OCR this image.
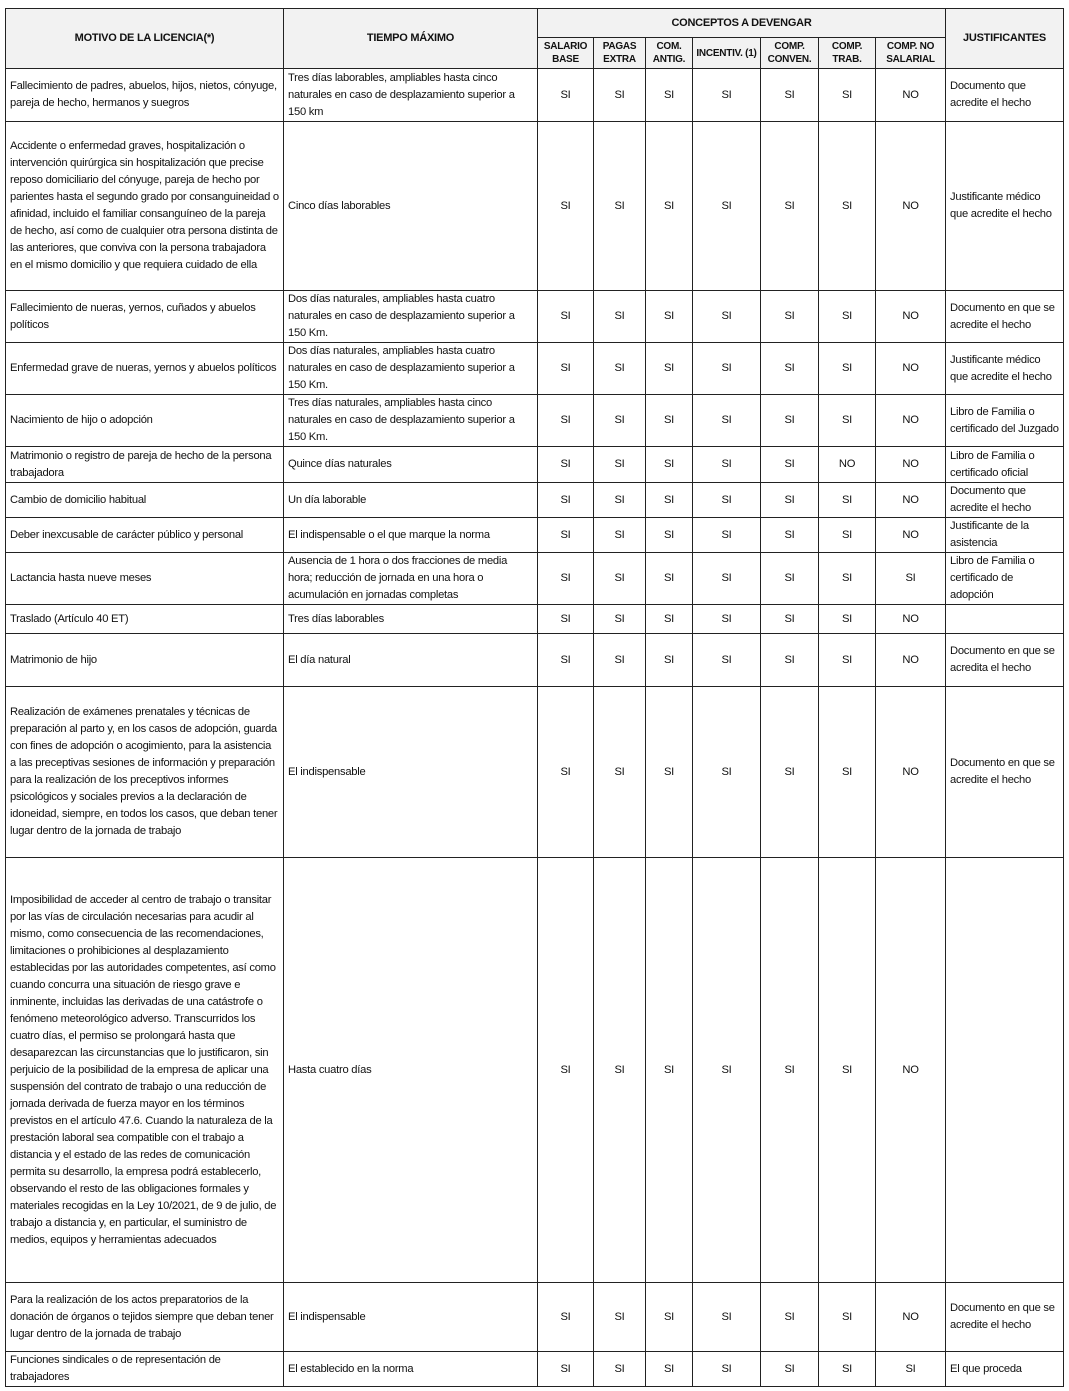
MOTIVO DE LA LICENCIA(*)	TIEMPO MÁXIMO	CONCEPTOS A DEVENGAR							JUSTIFICANTES
		SALARIO BASE	PAGAS EXTRA	COM. ANTIG.	INCENTIV. (1)	COMP. CONVEN.	COMP. TRAB.	COMP. NO SALARIAL	
Fallecimiento de padres, abuelos, hijos, nietos, cónyuge, pareja de hecho, hermanos y suegros	Tres días laborables, ampliables hasta cinco naturales en caso de desplazamiento superior a 150 km	SI	SI	SI	SI	SI	SI	NO	Documento que acredite el hecho
Accidente o enfermedad graves, hospitalización o intervención quirúrgica sin hospitalización que precise reposo domiciliario del cónyuge, pareja de hecho por parientes hasta el segundo grado por consanguineidad o afinidad, incluido el familiar consanguíneo de la pareja de hecho, así como de cualquier otra persona distinta de las anteriores, que conviva con la persona trabajadora en el mismo domicilio y que requiera cuidado de ella	Cinco días laborables	SI	SI	SI	SI	SI	SI	NO	Justificante médico que acredite el hecho
Fallecimiento de nueras, yernos, cuñados y abuelos políticos	Dos días naturales, ampliables hasta cuatro naturales en caso de desplazamiento superior a 150 Km.	SI	SI	SI	SI	SI	SI	NO	Documento en que se acredite el hecho
Enfermedad grave de nueras, yernos y abuelos políticos	Dos días naturales, ampliables hasta cuatro naturales en caso de desplazamiento superior a 150 Km.	SI	SI	SI	SI	SI	SI	NO	Justificante médico que acredite el hecho
Nacimiento de hijo o adopción	Tres días naturales, ampliables hasta cinco naturales en caso de desplazamiento superior a 150 Km.	SI	SI	SI	SI	SI	SI	NO	Libro de Familia o certificado del Juzgado
Matrimonio o registro de pareja de hecho de la persona trabajadora	Quince días naturales	SI	SI	SI	SI	SI	NO	NO	Libro de Familia o certificado oficial
Cambio de domicilio habitual	Un día laborable	SI	SI	SI	SI	SI	SI	NO	Documento que acredite el hecho
Deber inexcusable de carácter público y personal	El indispensable o el que marque la norma	SI	SI	SI	SI	SI	SI	NO	Justificante de la asistencia
Lactancia hasta nueve meses	Ausencia de 1 hora o dos fracciones de media hora; reducción de jornada en una hora o acumulación en jornadas completas	SI	SI	SI	SI	SI	SI	SI	Libro de Familia o certificado de adopción
Traslado (Artículo 40 ET)	Tres días laborables	SI	SI	SI	SI	SI	SI	NO	
Matrimonio de hijo	El día natural	SI	SI	SI	SI	SI	SI	NO	Documento en que se acredita el hecho
Realización de exámenes prenatales y técnicas de preparación al parto y, en los casos de adopción, guarda con fines de adopción o acogimiento, para la asistencia a las preceptivas sesiones de información y preparación para la realización de los preceptivos informes psicológicos y sociales previos a la declaración de idoneidad, siempre, en todos los casos, que deban tener lugar dentro de la jornada de trabajo	El indispensable	SI	SI	SI	SI	SI	SI	NO	Documento en que se acredite el hecho
Imposibilidad de acceder al centro de trabajo o transitar por las vías de circulación necesarias para acudir al mismo, como consecuencia de las recomendaciones, limitaciones o prohibiciones al desplazamiento establecidas por las autoridades competentes, así como cuando concurra una situación de riesgo grave e inminente, incluidas las derivadas de una catástrofe o fenómeno meteorológico adverso. Transcurridos los cuatro días, el permiso se prolongará hasta que desaparezcan las circunstancias que lo justificaron, sin perjuicio de la posibilidad de la empresa de aplicar una suspensión del contrato de trabajo o una reducción de jornada derivada de fuerza mayor en los términos previstos en el artículo 47.6. Cuando la naturaleza de la prestación laboral sea compatible con el trabajo a distancia y el estado de las redes de comunicación permita su desarrollo, la empresa podrá establecerlo, observando el resto de las obligaciones formales y materiales recogidas en la Ley 10/2021, de 9 de julio, de trabajo a distancia y, en particular, el suministro de medios, equipos y herramientas adecuados	Hasta cuatro días	SI	SI	SI	SI	SI	SI	NO	
Para la realización de los actos preparatorios de la donación de órganos o tejidos siempre que deban tener lugar dentro de la jornada de trabajo	El indispensable	SI	SI	SI	SI	SI	SI	NO	Documento en que se acredite el hecho
Funciones sindicales o de representación de trabajadores	El establecido en la norma	SI	SI	SI	SI	SI	SI	SI	El que proceda
